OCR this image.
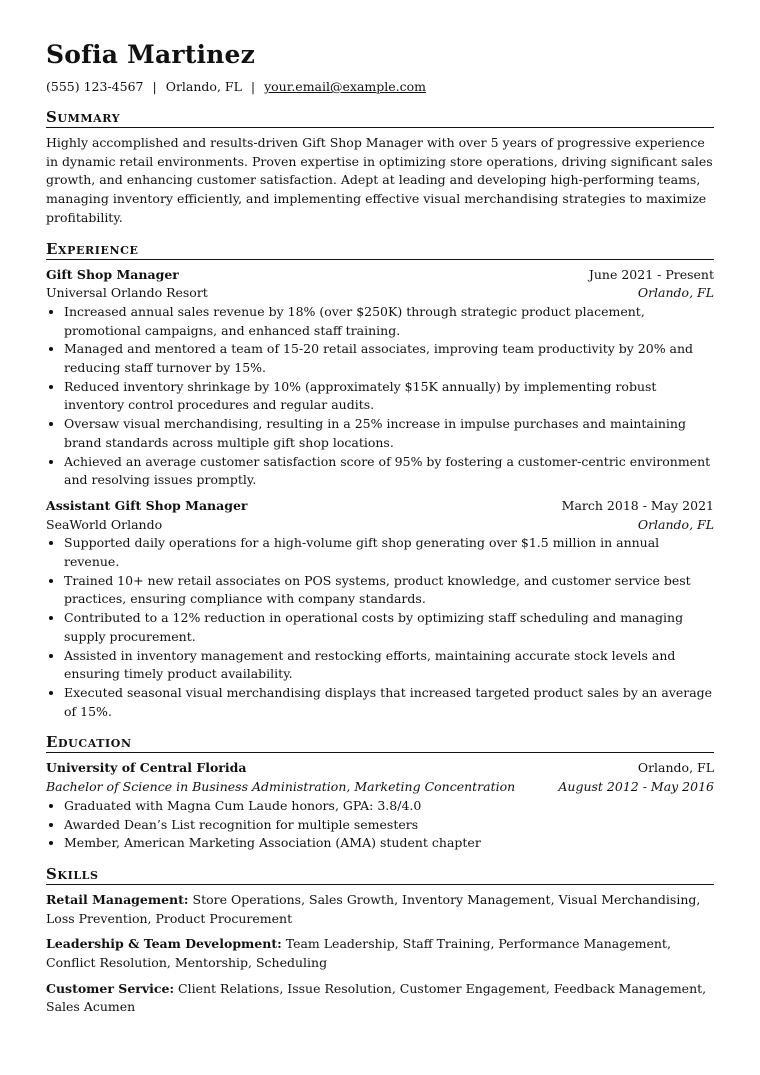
Sofia Martinez
(555) 123-4567 | Orlando, FL | your.email@example.com
Summary

Highly accomplished and results-driven Gift Shop Manager with over 5 years of progressive experience in dynamic retail environments. Proven expertise in optimizing store operations, driving significant sales growth, and enhancing customer satisfaction. Adept at leading and developing high-performing teams, managing inventory efficiently, and implementing effective visual merchandising strategies to maximize profitability.

Experience
Gift Shop Manager	June 2021 - Present
Universal Orlando Resort	Orlando, FL
• Increased annual sales revenue by 18% (over $250K) through strategic product placement, promotional campaigns, and enhanced staff training.
• Managed and mentored a team of 15-20 retail associates, improving team productivity by 20% and reducing staff turnover by 15%.
• Reduced inventory shrinkage by 10% (approximately $15K annually) by implementing robust inventory control procedures and regular audits.
• Oversaw visual merchandising, resulting in a 25% increase in impulse purchases and maintaining brand standards across multiple gift shop locations.
• Achieved an average customer satisfaction score of 95% by fostering a customer-centric environment and resolving issues promptly.
Assistant Gift Shop Manager	March 2018 - May 2021
SeaWorld Orlando	Orlando, FL
• Supported daily operations for a high-volume gift shop generating over $1.5 million in annual revenue.
• Trained 10+ new retail associates on POS systems, product knowledge, and customer service best practices, ensuring compliance with company standards.
• Contributed to a 12% reduction in operational costs by optimizing staff scheduling and managing supply procurement.
• Assisted in inventory management and restocking efforts, maintaining accurate stock levels and ensuring timely product availability.
• Executed seasonal visual merchandising displays that increased targeted product sales by an average of 15%.
Education
University of Central Florida	Orlando, FL
Bachelor of Science in Business Administration, Marketing Concentration	August 2012 - May 2016
• Graduated with Magna Cum Laude honors, GPA: 3.8/4.0
• Awarded Dean’s List recognition for multiple semesters
• Member, American Marketing Association (AMA) student chapter
Skills

Retail Management: Store Operations, Sales Growth, Inventory Management, Visual Merchandising, Loss Prevention, Product Procurement

Leadership & Team Development: Team Leadership, Staff Training, Performance Management, Conflict Resolution, Mentorship, Scheduling

Customer Service: Client Relations, Issue Resolution, Customer Engagement, Feedback Management, Sales Acumen
